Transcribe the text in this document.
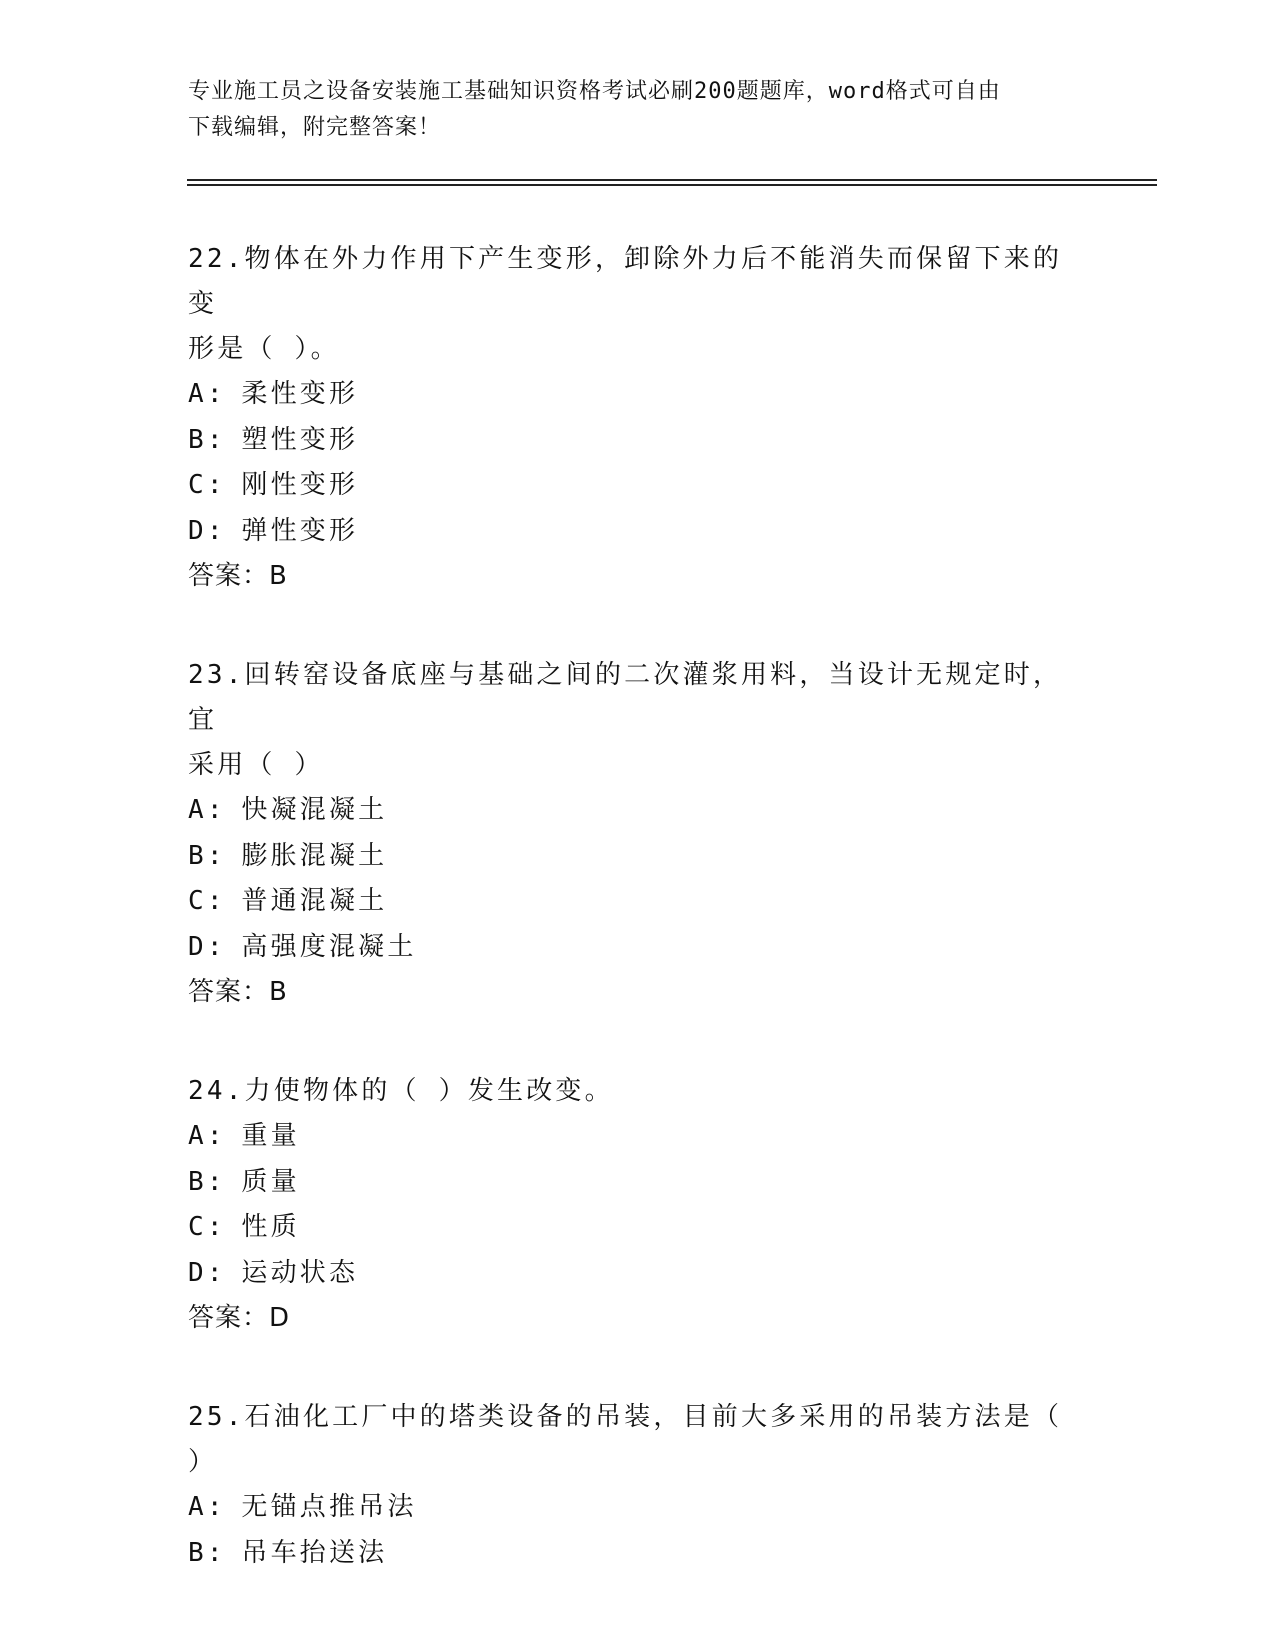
专业施工员之设备安装施工基础知识资格考试必刷200题题库，word格式可自由
下载编辑，附完整答案！
22.物体在外力作用下产生变形，卸除外力后不能消失而保留下来的变
形是（ ）。
A: 柔性变形
B: 塑性变形
C: 刚性变形
D: 弹性变形
答案：B
23.回转窑设备底座与基础之间的二次灌浆用料，当设计无规定时，宜
采用（ ）
A: 快凝混凝土
B: 膨胀混凝土
C: 普通混凝土
D: 高强度混凝土
答案：B
24.力使物体的（ ）发生改变。
A: 重量
B: 质量
C: 性质
D: 运动状态
答案：D
25.石油化工厂中的塔类设备的吊装，目前大多采用的吊装方法是（
）
A: 无锚点推吊法
B: 吊车抬送法
